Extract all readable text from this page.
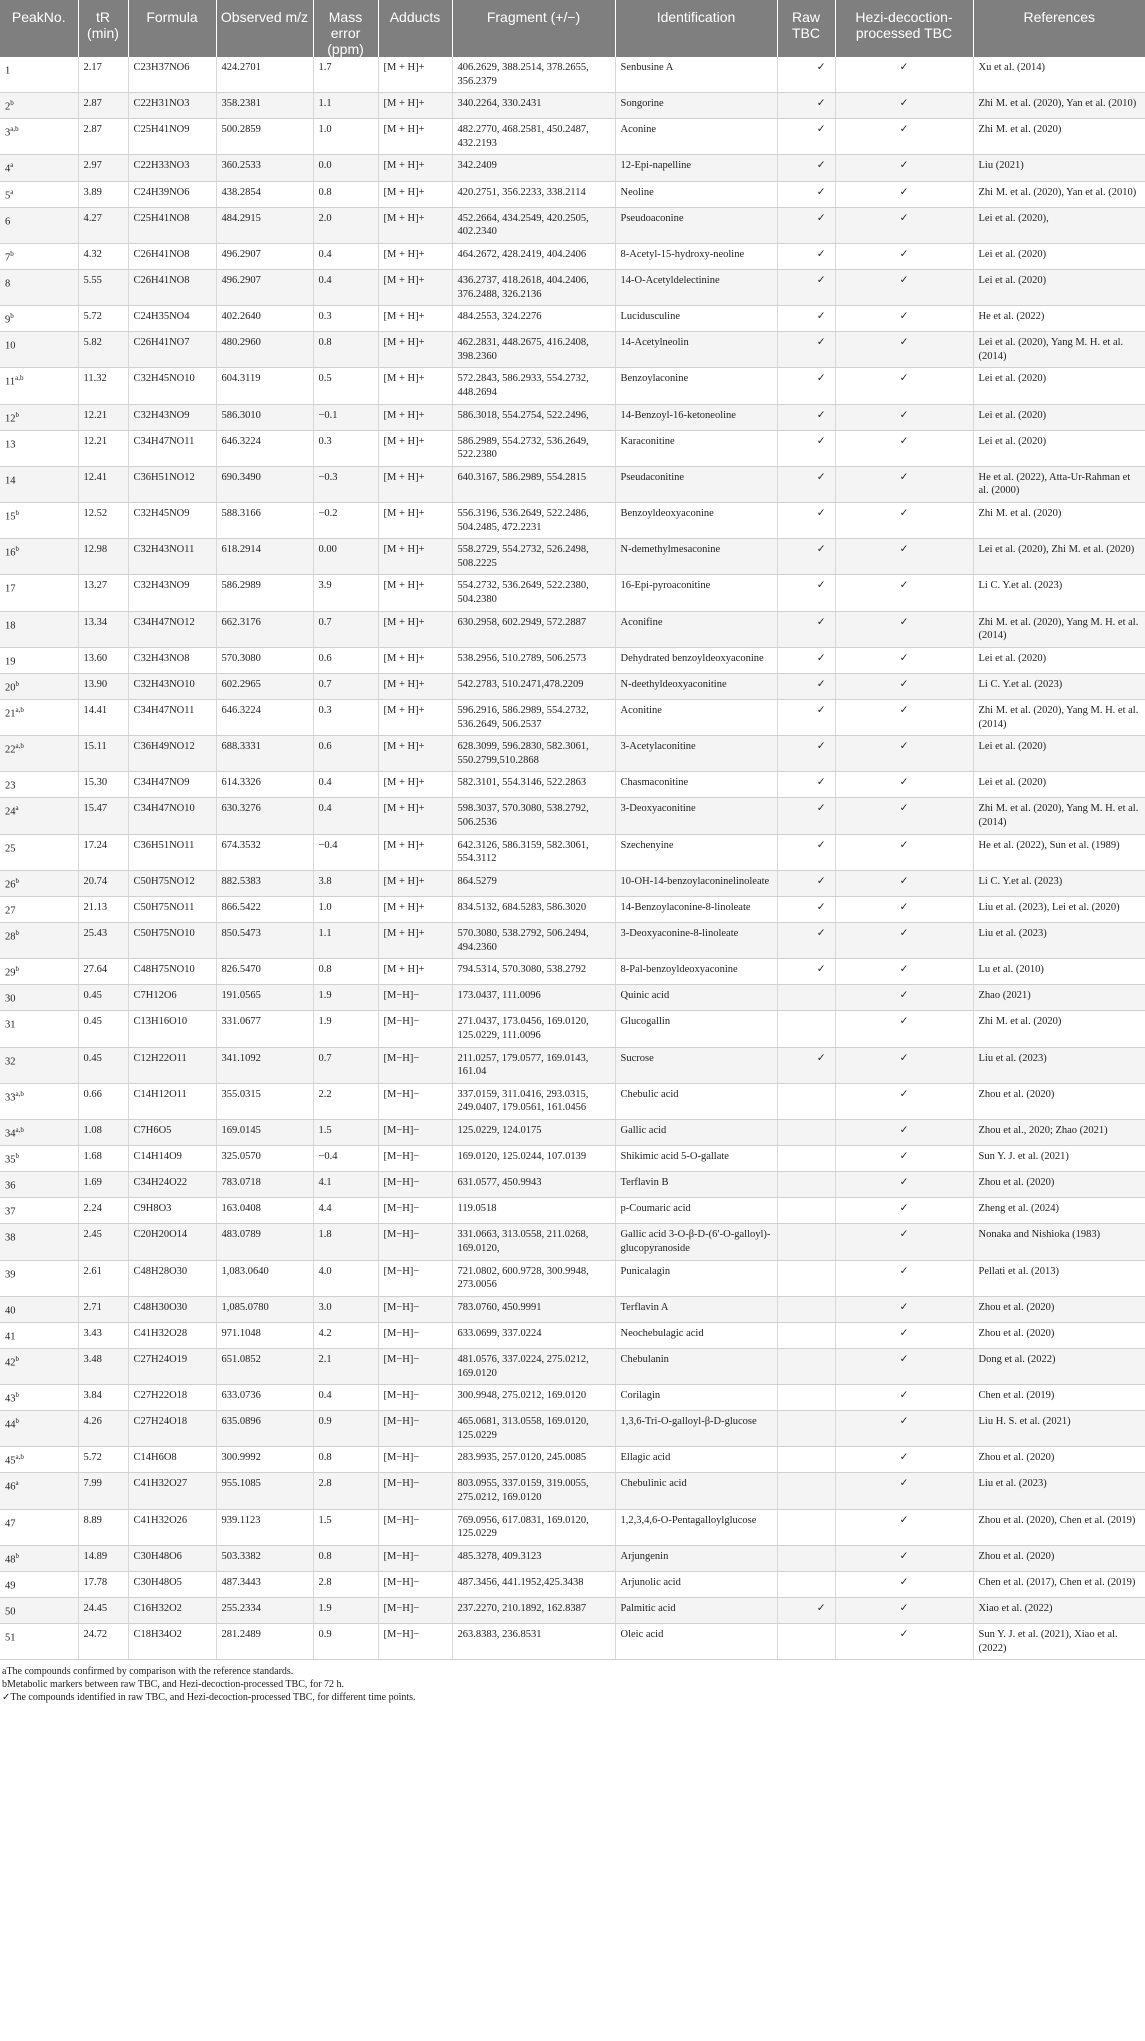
PeakNo.	tR (min)	Formula	Observed m/z	Mass error (ppm)	Adducts	Fragment (+/−)	Identification	Raw TBC	Hezi-decoction-processed TBC	References
1	2.17	C23H37NO6	424.2701	1.7	[M + H]+	406.2629, 388.2514, 378.2655, 356.2379	Senbusine A	✓	✓	Xu et al. (2014)
2$^b$	2.87	C22H31NO3	358.2381	1.1	[M + H]+	340.2264, 330.2431	Songorine	✓	✓	Zhi M. et al. (2020), Yan et al. (2010)
3$^{a,b}$	2.87	C25H41NO9	500.2859	1.0	[M + H]+	482.2770, 468.2581, 450.2487, 432.2193	Aconine	✓	✓	Zhi M. et al. (2020)
4$^a$	2.97	C22H33NO3	360.2533	0.0	[M + H]+	342.2409	12-Epi-napelline	✓	✓	Liu (2021)
5$^a$	3.89	C24H39NO6	438.2854	0.8	[M + H]+	420.2751, 356.2233, 338.2114	Neoline	✓	✓	Zhi M. et al. (2020), Yan et al. (2010)
6	4.27	C25H41NO8	484.2915	2.0	[M + H]+	452.2664, 434.2549, 420.2505, 402.2340	Pseudoaconine	✓	✓	Lei et al. (2020),
7$^b$	4.32	C26H41NO8	496.2907	0.4	[M + H]+	464.2672, 428.2419, 404.2406	8-Acetyl-15-hydroxy-neoline	✓	✓	Lei et al. (2020)
8	5.55	C26H41NO8	496.2907	0.4	[M + H]+	436.2737, 418.2618, 404.2406, 376.2488, 326.2136	14-O-Acetyldelectinine	✓	✓	Lei et al. (2020)
9$^b$	5.72	C24H35NO4	402.2640	0.3	[M + H]+	484.2553, 324.2276	Lucidusculine	✓	✓	He et al. (2022)
10	5.82	C26H41NO7	480.2960	0.8	[M + H]+	462.2831, 448.2675, 416.2408, 398.2360	14-Acetylneolin	✓	✓	Lei et al. (2020), Yang M. H. et al. (2014)
11$^{a,b}$	11.32	C32H45NO10	604.3119	0.5	[M + H]+	572.2843, 586.2933, 554.2732, 448.2694	Benzoylaconine	✓	✓	Lei et al. (2020)
12$^b$	12.21	C32H43NO9	586.3010	−0.1	[M + H]+	586.3018, 554.2754, 522.2496,	14-Benzoyl-16-ketoneoline	✓	✓	Lei et al. (2020)
13	12.21	C34H47NO11	646.3224	0.3	[M + H]+	586.2989, 554.2732, 536.2649, 522.2380	Karaconitine	✓	✓	Lei et al. (2020)
14	12.41	C36H51NO12	690.3490	−0.3	[M + H]+	640.3167, 586.2989, 554.2815	Pseudaconitine	✓	✓	He et al. (2022), Atta-Ur-Rahman et al. (2000)
15$^b$	12.52	C32H45NO9	588.3166	−0.2	[M + H]+	556.3196, 536.2649, 522.2486, 504.2485, 472.2231	Benzoyldeoxyaconine	✓	✓	Zhi M. et al. (2020)
16$^b$	12.98	C32H43NO11	618.2914	0.00	[M + H]+	558.2729, 554.2732, 526.2498, 508.2225	N-demethylmesaconine	✓	✓	Lei et al. (2020), Zhi M. et al. (2020)
17	13.27	C32H43NO9	586.2989	3.9	[M + H]+	554.2732, 536.2649, 522.2380, 504.2380	16-Epi-pyroaconitine	✓	✓	Li C. Y.et al. (2023)
18	13.34	C34H47NO12	662.3176	0.7	[M + H]+	630.2958, 602.2949, 572.2887	Aconifine	✓	✓	Zhi M. et al. (2020), Yang M. H. et al. (2014)
19	13.60	C32H43NO8	570.3080	0.6	[M + H]+	538.2956, 510.2789, 506.2573	Dehydrated benzoyldeoxyaconine	✓	✓	Lei et al. (2020)
20$^b$	13.90	C32H43NO10	602.2965	0.7	[M + H]+	542.2783, 510.2471,478.2209	N-deethyldeoxyaconitine	✓	✓	Li C. Y.et al. (2023)
21$^{a,b}$	14.41	C34H47NO11	646.3224	0.3	[M + H]+	596.2916, 586.2989, 554.2732, 536.2649, 506.2537	Aconitine	✓	✓	Zhi M. et al. (2020), Yang M. H. et al. (2014)
22$^{a,b}$	15.11	C36H49NO12	688.3331	0.6	[M + H]+	628.3099, 596.2830, 582.3061, 550.2799,510.2868	3-Acetylaconitine	✓	✓	Lei et al. (2020)
23	15.30	C34H47NO9	614.3326	0.4	[M + H]+	582.3101, 554.3146, 522.2863	Chasmaconitine	✓	✓	Lei et al. (2020)
24$^a$	15.47	C34H47NO10	630.3276	0.4	[M + H]+	598.3037, 570.3080, 538.2792, 506.2536	3-Deoxyaconitine	✓	✓	Zhi M. et al. (2020), Yang M. H. et al. (2014)
25	17.24	C36H51NO11	674.3532	−0.4	[M + H]+	642.3126, 586.3159, 582.3061, 554.3112	Szechenyine	✓	✓	He et al. (2022), Sun et al. (1989)
26$^b$	20.74	C50H75NO12	882.5383	3.8	[M + H]+	864.5279	10-OH-14-benzoylaconinelinoleate	✓	✓	Li C. Y.et al. (2023)
27	21.13	C50H75NO11	866.5422	1.0	[M + H]+	834.5132, 684.5283, 586.3020	14-Benzoylaconine-8-linoleate	✓	✓	Liu et al. (2023), Lei et al. (2020)
28$^b$	25.43	C50H75NO10	850.5473	1.1	[M + H]+	570.3080, 538.2792, 506.2494, 494.2360	3-Deoxyaconine-8-linoleate	✓	✓	Liu et al. (2023)
29$^b$	27.64	C48H75NO10	826.5470	0.8	[M + H]+	794.5314, 570.3080, 538.2792	8-Pal-benzoyldeoxyaconine	✓	✓	Lu et al. (2010)
30	0.45	C7H12O6	191.0565	1.9	[M−H]−	173.0437, 111.0096	Quinic acid		✓	Zhao (2021)
31	0.45	C13H16O10	331.0677	1.9	[M−H]−	271.0437, 173.0456, 169.0120, 125.0229, 111.0096	Glucogallin		✓	Zhi M. et al. (2020)
32	0.45	C12H22O11	341.1092	0.7	[M−H]−	211.0257, 179.0577, 169.0143, 161.04	Sucrose	✓	✓	Liu et al. (2023)
33$^{a,b}$	0.66	C14H12O11	355.0315	2.2	[M−H]−	337.0159, 311.0416, 293.0315, 249.0407, 179.0561, 161.0456	Chebulic acid		✓	Zhou et al. (2020)
34$^{a,b}$	1.08	C7H6O5	169.0145	1.5	[M−H]−	125.0229, 124.0175	Gallic acid		✓	Zhou et al., 2020; Zhao (2021)
35$^b$	1.68	C14H14O9	325.0570	−0.4	[M−H]−	169.0120, 125.0244, 107.0139	Shikimic acid 5-O-gallate		✓	Sun Y. J. et al. (2021)
36	1.69	C34H24O22	783.0718	4.1	[M−H]−	631.0577, 450.9943	Terflavin B		✓	Zhou et al. (2020)
37	2.24	C9H8O3	163.0408	4.4	[M−H]−	119.0518	p-Coumaric acid		✓	Zheng et al. (2024)
38	2.45	C20H20O14	483.0789	1.8	[M−H]−	331.0663, 313.0558, 211.0268, 169.0120,	Gallic acid 3-O-β-D-(6′-O-galloyl)-glucopyranoside		✓	Nonaka and Nishioka (1983)
39	2.61	C48H28O30	1,083.0640	4.0	[M−H]−	721.0802, 600.9728, 300.9948, 273.0056	Punicalagin		✓	Pellati et al. (2013)
40	2.71	C48H30O30	1,085.0780	3.0	[M−H]−	783.0760, 450.9991	Terflavin A		✓	Zhou et al. (2020)
41	3.43	C41H32O28	971.1048	4.2	[M−H]−	633.0699, 337.0224	Neochebulagic acid		✓	Zhou et al. (2020)
42$^b$	3.48	C27H24O19	651.0852	2.1	[M−H]−	481.0576, 337.0224, 275.0212, 169.0120	Chebulanin		✓	Dong et al. (2022)
43$^b$	3.84	C27H22O18	633.0736	0.4	[M−H]−	300.9948, 275.0212, 169.0120	Corilagin		✓	Chen et al. (2019)
44$^b$	4.26	C27H24O18	635.0896	0.9	[M−H]−	465.0681, 313.0558, 169.0120, 125.0229	1,3,6-Tri-O-galloyl-β-D-glucose		✓	Liu H. S. et al. (2021)
45$^{a,b}$	5.72	C14H6O8	300.9992	0.8	[M−H]−	283.9935, 257.0120, 245.0085	Ellagic acid		✓	Zhou et al. (2020)
46$^a$	7.99	C41H32O27	955.1085	2.8	[M−H]−	803.0955, 337.0159, 319.0055, 275.0212, 169.0120	Chebulinic acid		✓	Liu et al. (2023)
47	8.89	C41H32O26	939.1123	1.5	[M−H]−	769.0956, 617.0831, 169.0120, 125.0229	1,2,3,4,6-O-Pentagalloylglucose		✓	Zhou et al. (2020), Chen et al. (2019)
48$^b$	14.89	C30H48O6	503.3382	0.8	[M−H]−	485.3278, 409.3123	Arjungenin		✓	Zhou et al. (2020)
49	17.78	C30H48O5	487.3443	2.8	[M−H]−	487.3456, 441.1952,425.3438	Arjunolic acid		✓	Chen et al. (2017), Chen et al. (2019)
50	24.45	C16H32O2	255.2334	1.9	[M−H]−	237.2270, 210.1892, 162.8387	Palmitic acid	✓	✓	Xiao et al. (2022)
51	24.72	C18H34O2	281.2489	0.9	[M−H]−	263.8383, 236.8531	Oleic acid		✓	Sun Y. J. et al. (2021), Xiao et al. (2022)
aThe compounds confirmed by comparison with the reference standards.
bMetabolic markers between raw TBC, and Hezi-decoction-processed TBC, for 72 h.
✓The compounds identified in raw TBC, and Hezi-decoction-processed TBC, for different time points.
